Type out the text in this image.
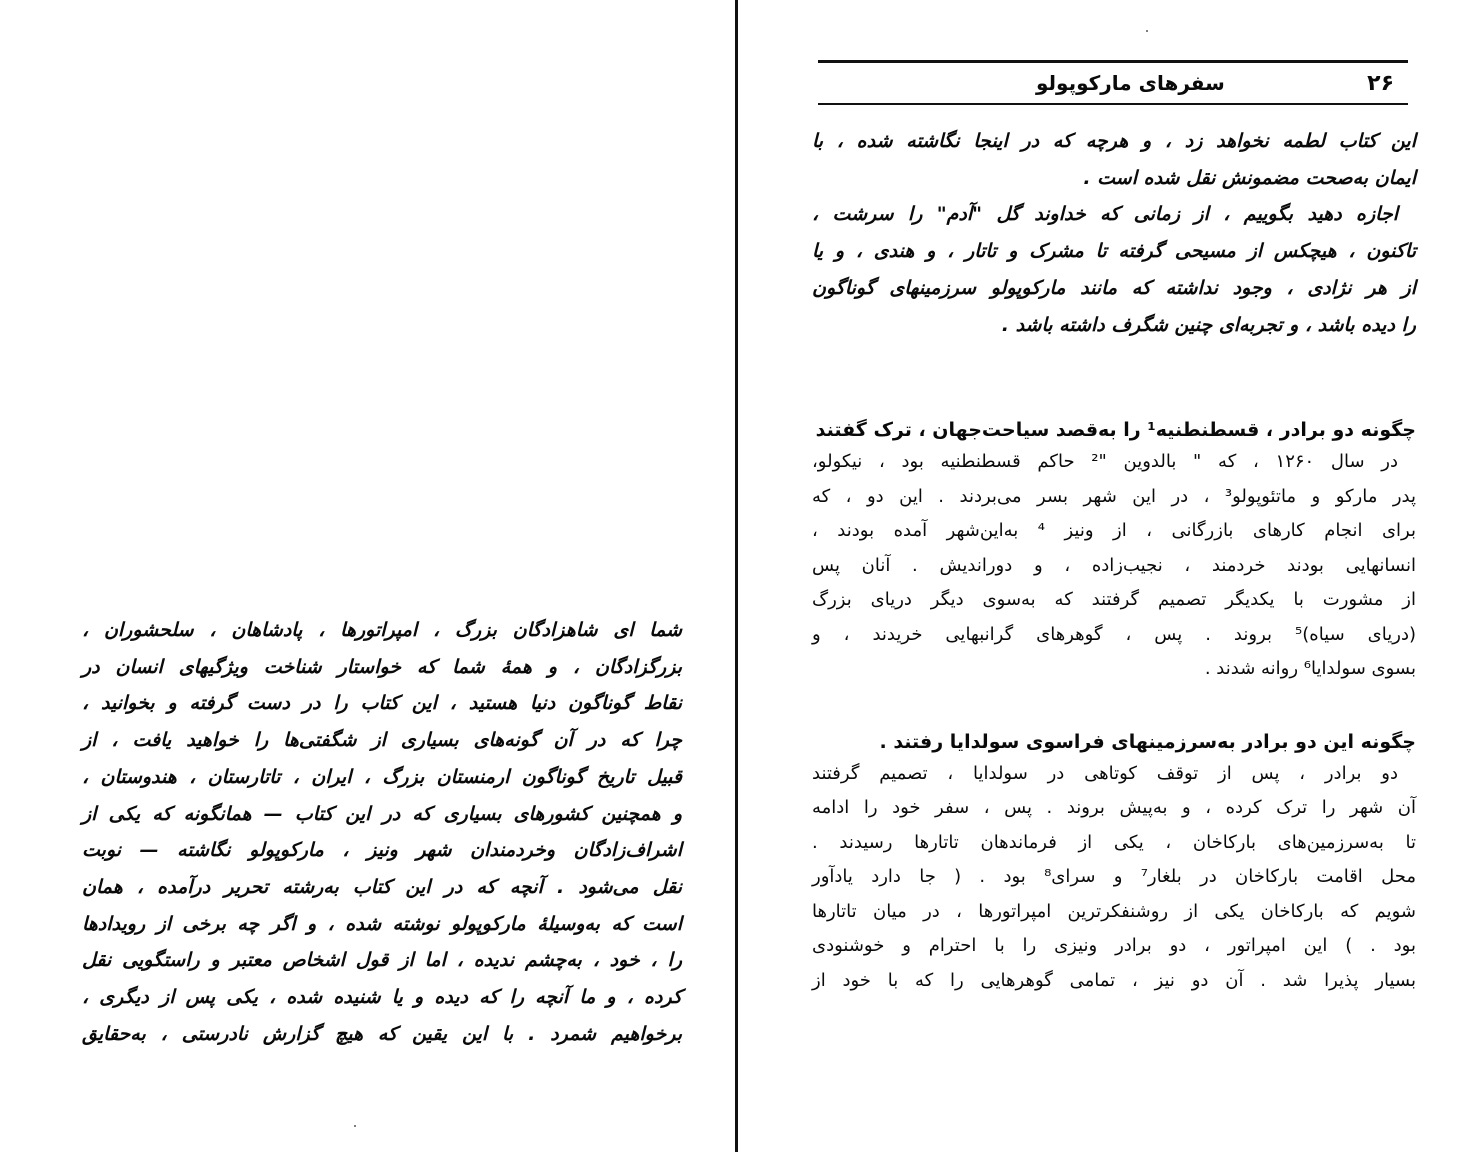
شما ای شاهزادگان بزرگ ، امپراتورها ، پادشاهان ، سلحشوران ،
بزرگزادگان ، و همهٔ شما که خواستار شناخت ویژگیهای انسان در
نقاط گوناگون دنیا هستید ، این کتاب را در دست گرفته و بخوانید ،
چرا که در آن گونه‌های بسیاری از شگفتی‌ها را خواهید یافت ، از
قبیل تاریخ گوناگون ارمنستان بزرگ ، ایران ، تاتارستان ، هندوستان ،
و همچنین کشورهای بسیاری که در این کتاب — همانگونه که یکی از
اشراف‌زادگان وخردمندان شهر ونیز ، مارکوپولو نگاشته — نوبت
نقل می‌شود . آنچه که در این کتاب به‌رشته تحریر درآمده ، همان
است که به‌وسیلهٔ مارکوپولو نوشته شده ، و اگر چه برخی از رویدادها
را ، خود ، به‌چشم ندیده ، اما از قول اشخاص معتبر و راستگویی نقل
کرده ، و ما آنچه را که دیده و یا شنیده شده ، یکی پس از دیگری ،
برخواهیم شمرد . با این یقین که هیچ گزارش نادرستی ، به‌حقایق
سفرهای مارکوپولو	۲۶
این کتاب لطمه نخواهد زد ، و هرچه که در اینجا نگاشته شده ، با
ایمان به‌صحت مضمونش نقل شده است .
اجازه دهید بگوییم ، از زمانی که خداوند گل "آدم" را سرشت ،
تاکنون ، هیچکس از مسیحی گرفته تا مشرک و تاتار ، و هندی ، و یا
از هر نژادی ، وجود نداشته که مانند مارکوپولو سرزمینهای گوناگون
را دیده باشد ، و تجربه‌ای چنین شگرف داشته باشد .
چگونه دو برادر ، قسطنطنیه¹ را به‌قصد سیاحت‌جهان ، ترک گفتند
در سال ۱۲۶۰ ، که " بالدوین "² حاکم قسطنطنیه بود ، نیکولو،
پدر مارکو و ماتئوپولو³ ، در این شهر بسر می‌بردند . این دو ، که
برای انجام کارهای بازرگانی ، از ونیز ⁴ به‌این‌شهر آمده بودند ،
انسانهایی بودند خردمند ، نجیب‌زاده ، و دوراندیش . آنان پس
از مشورت با یکدیگر تصمیم گرفتند که به‌سوی دیگر دریای بزرگ
(دریای سیاه)⁵ بروند . پس ، گوهرهای گرانبهایی خریدند ، و
بسوی سولدایا⁶ روانه شدند .
چگونه این دو برادر به‌سرزمینهای فراسوی سولدایا رفتند .
دو برادر ، پس از توقف کوتاهی در سولدایا ، تصمیم گرفتند
آن شهر را ترک کرده ، و به‌پیش بروند . پس ، سفر خود را ادامه
تا به‌سرزمین‌های بارکاخان ، یکی از فرماندهان تاتارها رسیدند .
محل اقامت بارکاخان در بلغار⁷ و سرای⁸ بود . ( جا دارد یادآور
شویم که بارکاخان یکی از روشنفکرترین امپراتورها ، در میان تاتارها
بود . ) این امپراتور ، دو برادر ونیزی را با احترام و خوشنودی
بسیار پذیرا شد . آن دو نیز ، تمامی گوهرهایی را که با خود از
